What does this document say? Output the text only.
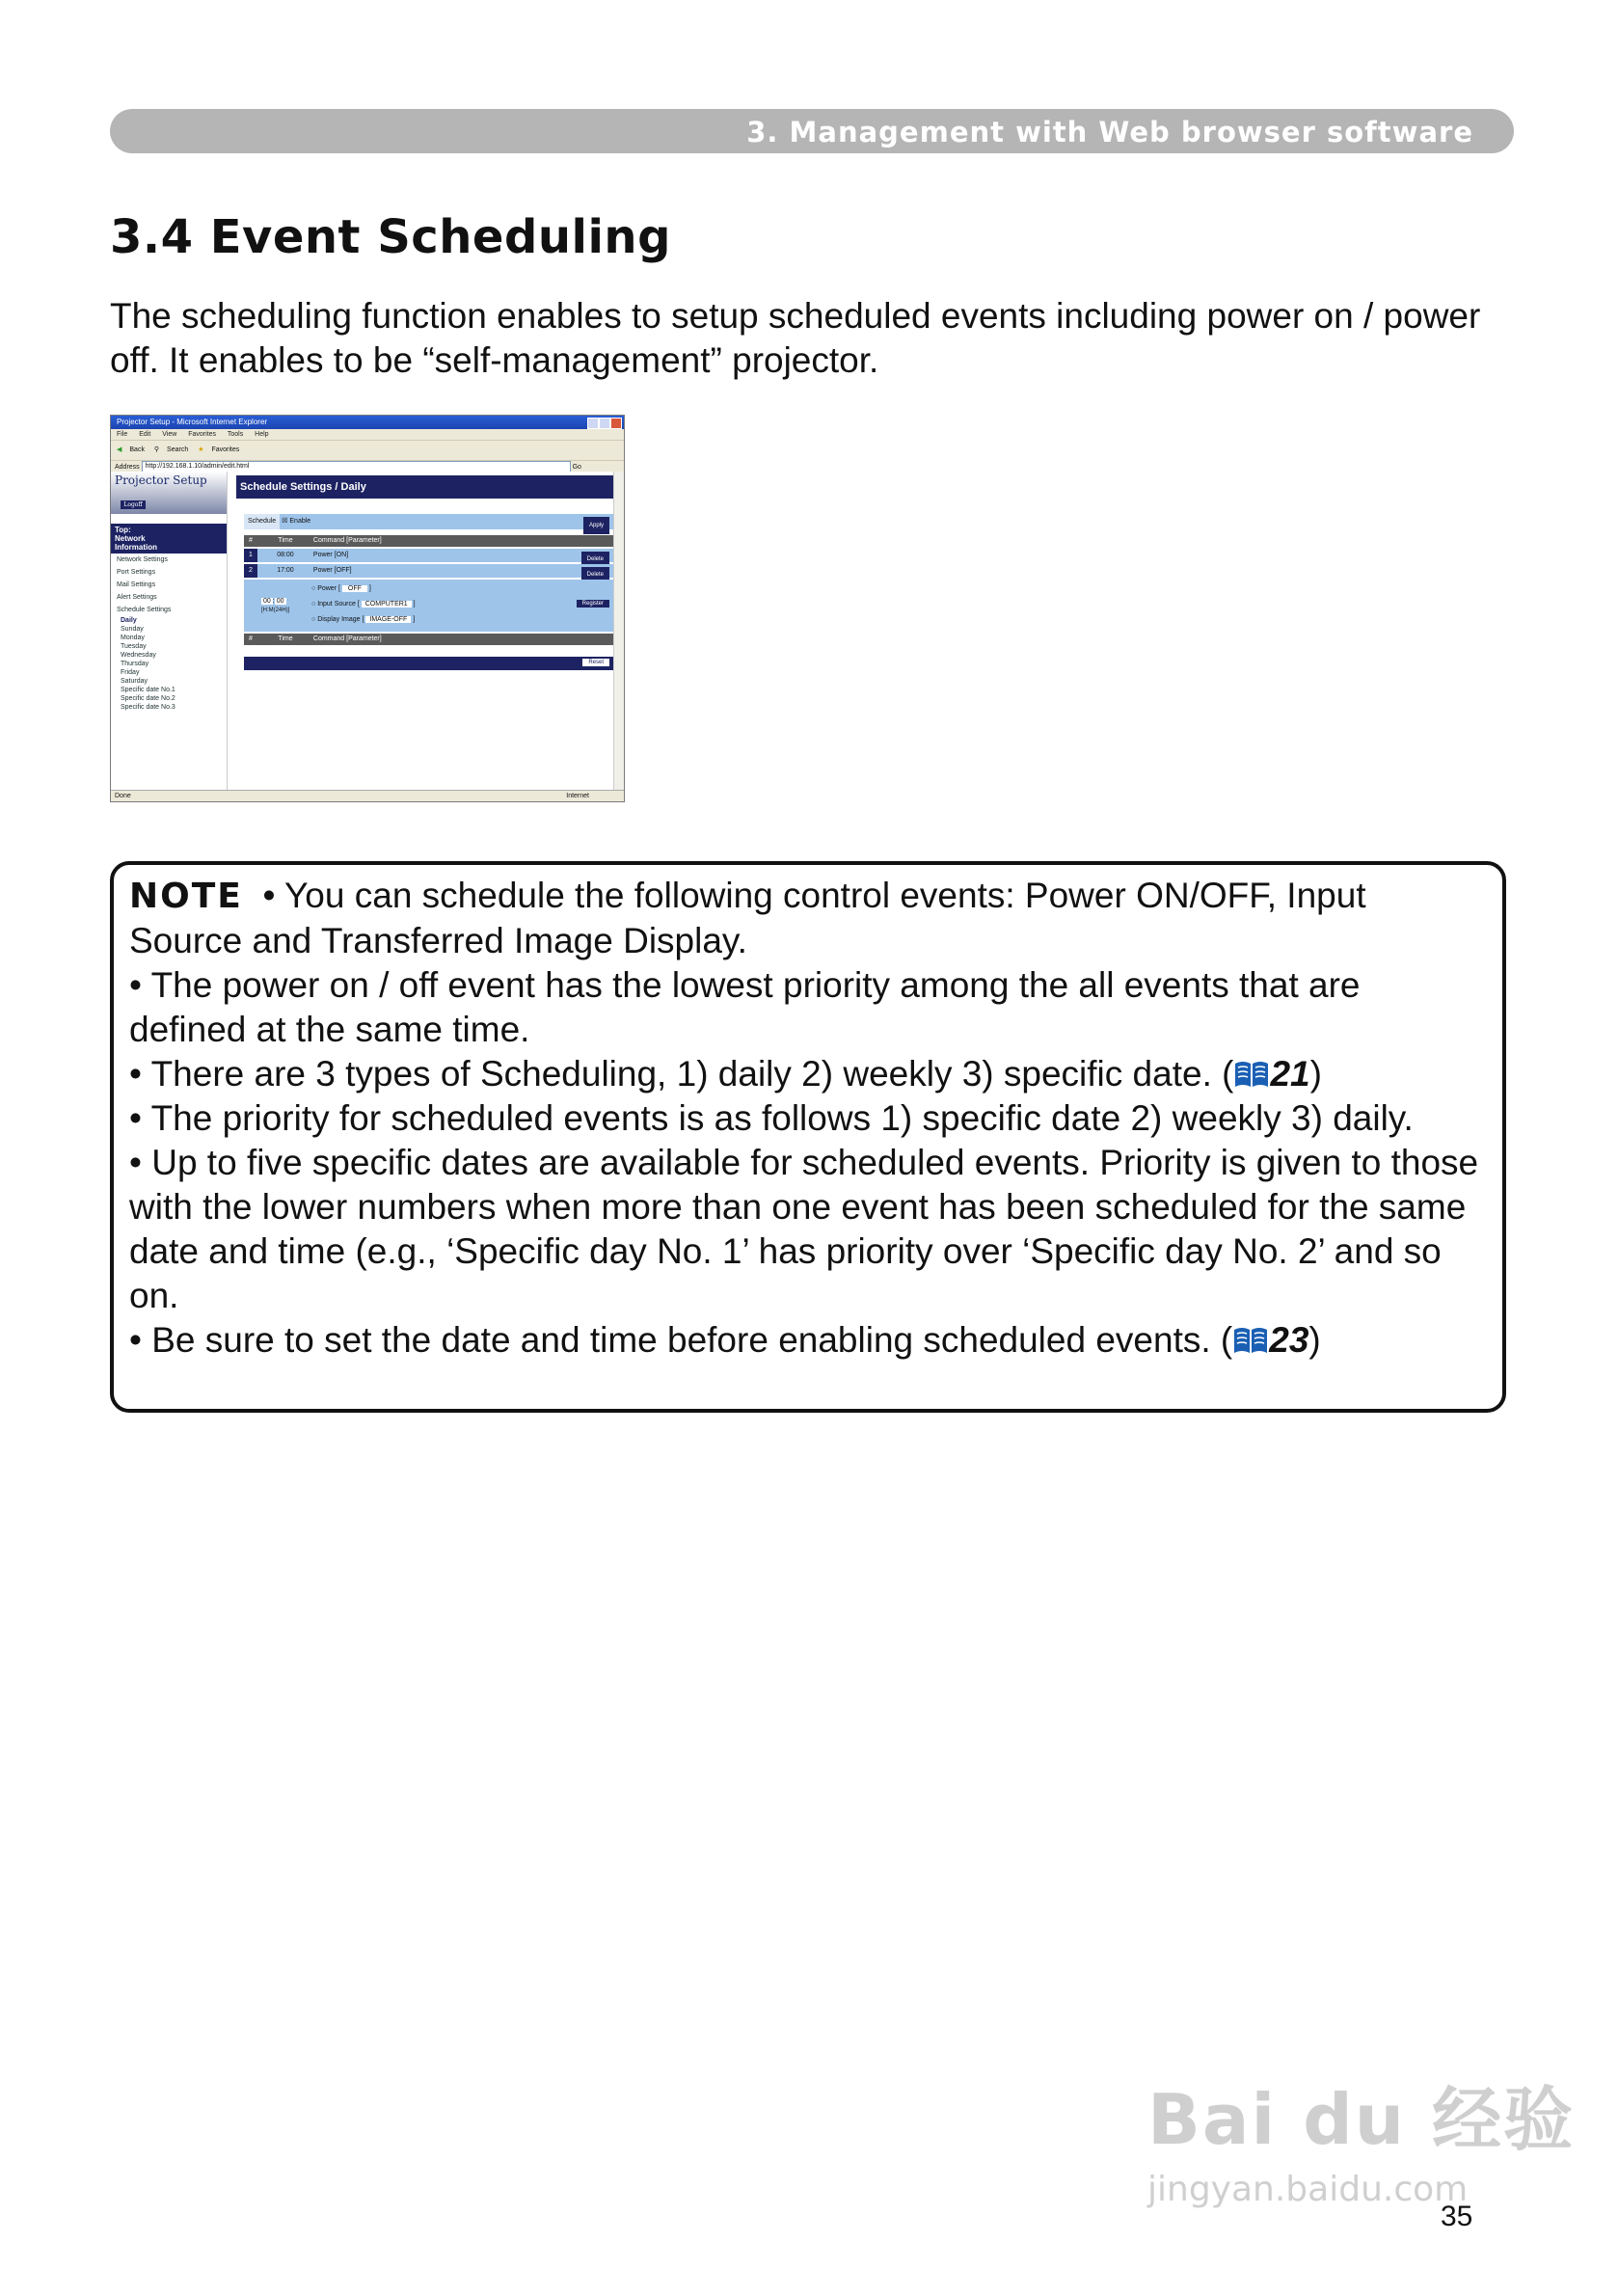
3. Management with Web browser software
3.4 Event Scheduling

The scheduling function enables to setup scheduled events including power on / power off. It enables to be “self-management” projector.

Projector Setup - Microsoft Internet Explorer
File Edit View Favorites Tools Help
◀ Back ⚲ Search ★ Favorites
Address http://192.168.1.10/admin/edit.html	Go
Projector Setup
Logoff
Top:
Network
Information
Network Settings
Port Settings
Mail Settings
Alert Settings
Schedule Settings
Daily
Sunday
Monday
Tuesday
Wednesday
Thursday
Friday
Saturday
Specific date No.1
Specific date No.2
Specific date No.3
Schedule Settings / Daily
Schedule ☒ Enable
Apply
#	Time	Command [Parameter]
1	08:00	Power [ON]
Delete
2	17:00	Power [OFF]
Delete
00 : 00
[H:M(24H)]
○ Power [ OFF ]
○ Input Source [ COMPUTER1 ]
○ Display Image [ IMAGE-OFF ]
Register
#	Time	Command [Parameter]
Reset
Done	Internet

NOTE • You can schedule the following control events: Power ON/OFF, Input Source and Transferred Image Display.

• The power on / off event has the lowest priority among the all events that are defined at the same time.

• There are 3 types of Scheduling, 1) daily 2) weekly 3) specific date. ( 21)

• The priority for scheduled events is as follows 1) specific date 2) weekly 3) daily.

• Up to five specific dates are available for scheduled events. Priority is given to those with the lower numbers when more than one event has been scheduled for the same date and time (e.g., ‘Specific day No. 1’ has priority over ‘Specific day No. 2’ and so on.

• Be sure to set the date and time before enabling scheduled events. ( 23)

Bai du 经验
jingyan.baidu.com
35
